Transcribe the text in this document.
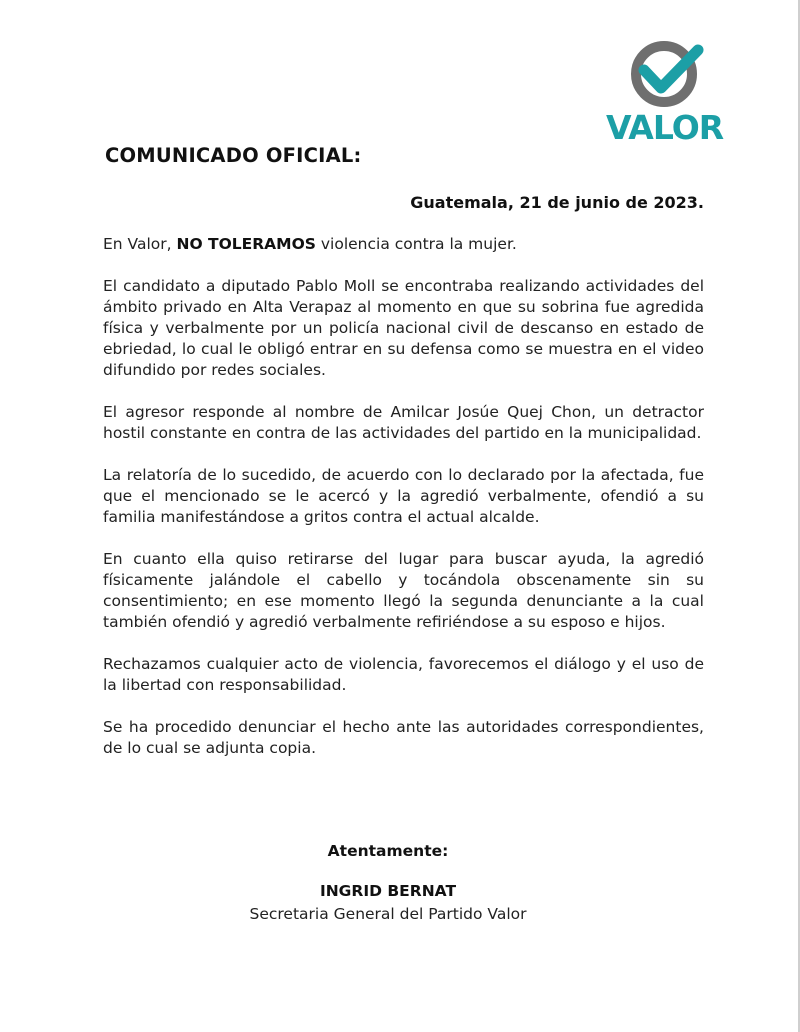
VALOR
COMUNICADO OFICIAL:
Guatemala, 21 de junio de 2023.

En Valor, NO TOLERAMOS violencia contra la mujer.

El candidato a diputado Pablo Moll se encontraba realizando actividades del ámbito privado en Alta Verapaz al momento en que su sobrina fue agredida física y verbalmente por un policía nacional civil de descanso en estado de ebriedad, lo cual le obligó entrar en su defensa como se muestra en el video difundido por redes sociales.

El agresor responde al nombre de Amilcar Josúe Quej Chon, un detractor hostil constante en contra de las actividades del partido en la municipalidad.

La relatoría de lo sucedido, de acuerdo con lo declarado por la afectada, fue que el mencionado se le acercó y la agredió verbalmente, ofendió a su familia manifestándose a gritos contra el actual alcalde.

En cuanto ella quiso retirarse del lugar para buscar ayuda, la agredió físicamente jalándole el cabello y tocándola obscenamente sin su consentimiento; en ese momento llegó la segunda denunciante a la cual también ofendió y agredió verbalmente refiriéndose a su esposo e hijos.

Rechazamos cualquier acto de violencia, favorecemos el diálogo y el uso de la libertad con responsabilidad.

Se ha procedido denunciar el hecho ante las autoridades correspondientes, de lo cual se adjunta copia.

Atentamente:
INGRID BERNAT
Secretaria General del Partido Valor
